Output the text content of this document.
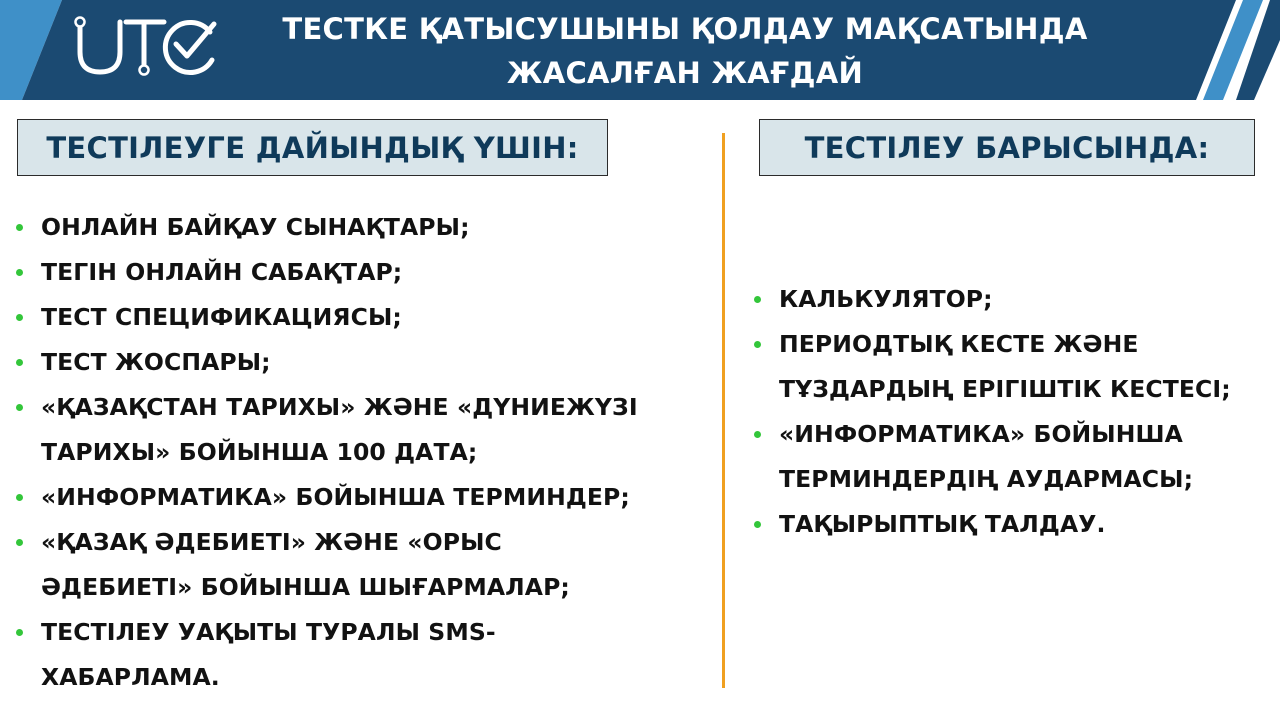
ТЕСТКЕ ҚАТЫСУШЫНЫ ҚОЛДАУ МАҚСАТЫНДА
ЖАСАЛҒАН ЖАҒДАЙ
ТЕСТІЛЕУГЕ ДАЙЫНДЫҚ ҮШІН:	ТЕСТІЛЕУ БАРЫСЫНДА:
ОНЛАЙН БАЙҚАУ СЫНАҚТАРЫ;
ТЕГІН ОНЛАЙН САБАҚТАР;
ТЕСТ СПЕЦИФИКАЦИЯСЫ;
ТЕСТ ЖОСПАРЫ;
«ҚАЗАҚСТАН ТАРИХЫ» ЖӘНЕ «ДҮНИЕЖҮЗІ
ТАРИХЫ» БОЙЫНША 100 ДАТА;
«ИНФОРМАТИКА» БОЙЫНША ТЕРМИНДЕР;
«ҚАЗАҚ ӘДЕБИЕТІ» ЖӘНЕ «ОРЫС
ӘДЕБИЕТІ» БОЙЫНША ШЫҒАРМАЛАР;
ТЕСТІЛЕУ УАҚЫТЫ ТУРАЛЫ SMS-
ХАБАРЛАМА.
КАЛЬКУЛЯТОР;
ПЕРИОДТЫҚ КЕСТЕ ЖӘНЕ
ТҰЗДАРДЫҢ ЕРІГІШТІК КЕСТЕСІ;
«ИНФОРМАТИКА» БОЙЫНША
ТЕРМИНДЕРДІҢ АУДАРМАСЫ;
ТАҚЫРЫПТЫҚ ТАЛДАУ.
